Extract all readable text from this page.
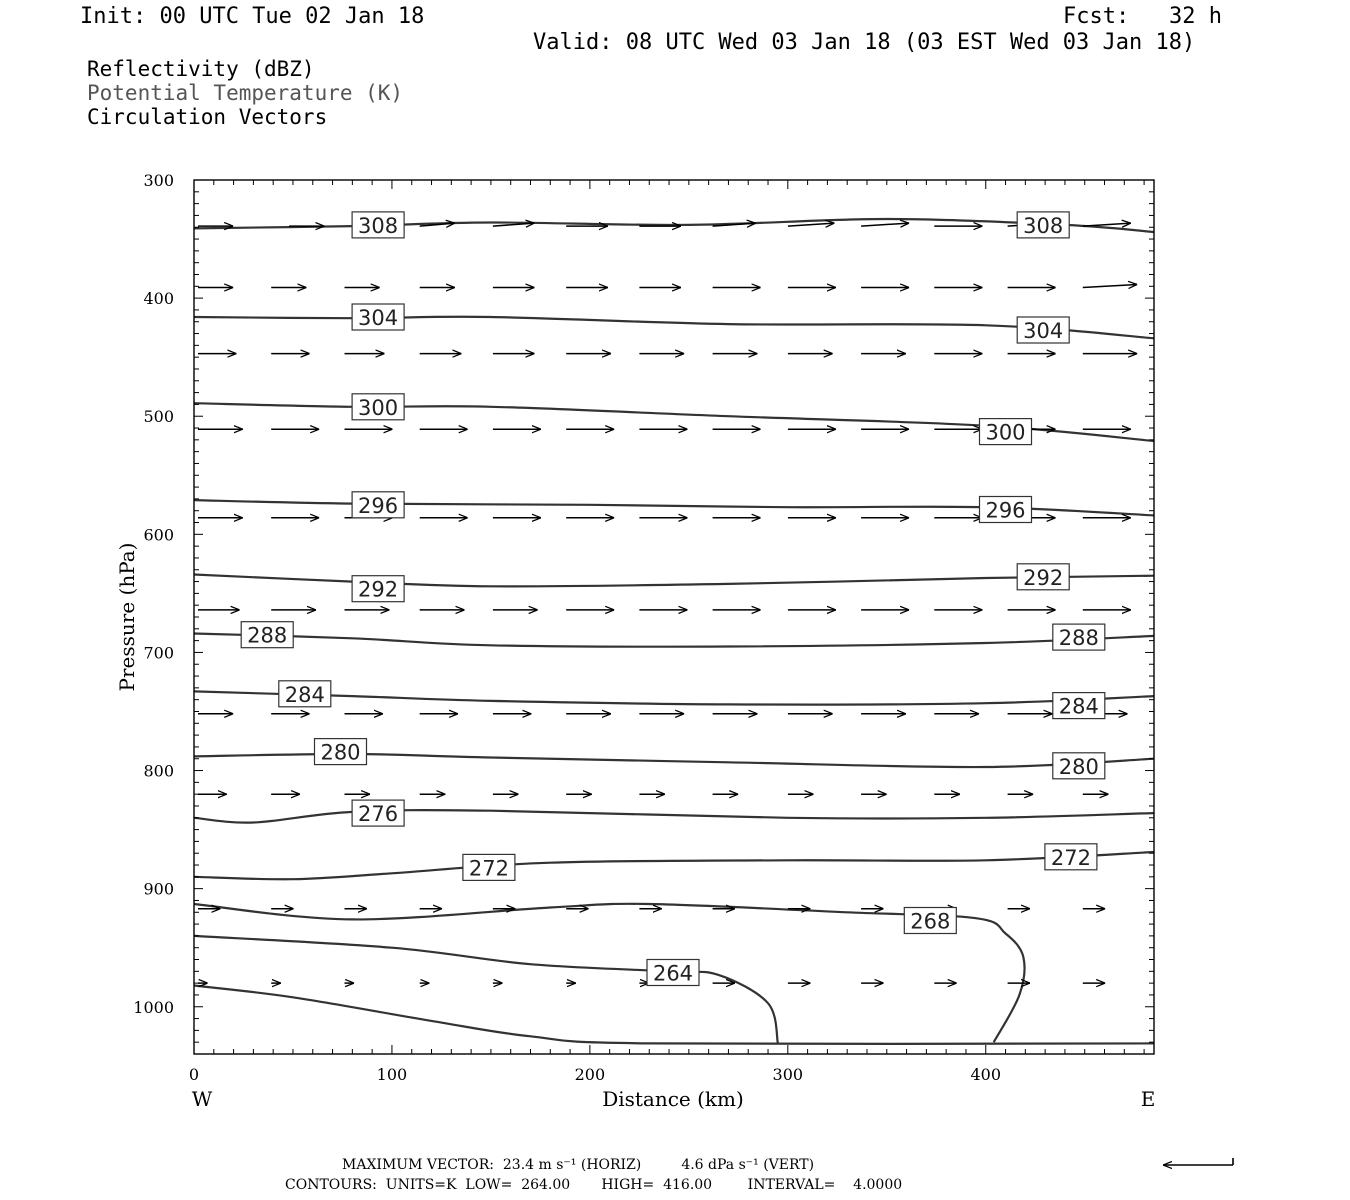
Init: 00 UTC Tue 02 Jan 18	Fcst:   32 h
Valid: 08 UTC Wed 03 Jan 18 (03 EST Wed 03 Jan 18)
Reflectivity (dBZ)
Potential Temperature (K)
Circulation Vectors
308	308
304
304
300
300
296	296
292	292
288	288
284	284
280
280
276
272	272
268
264
300
400
500
600
700
800
900
1000
0	100	200	300	400
W	E
Distance (km)
Pressure (hPa)
MAXIMUM VECTOR:  23.4 m s⁻¹ (HORIZ)         4.6 dPa s⁻¹ (VERT)
CONTOURS:  UNITS=K  LOW=  264.00       HIGH=  416.00        INTERVAL=    4.0000
